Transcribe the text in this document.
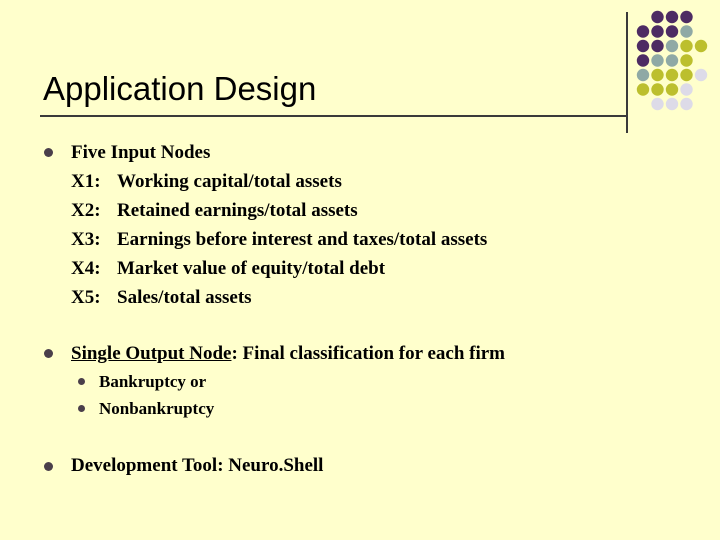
Application Design
Five Input Nodes
X1: Working capital/total assets
X2: Retained earnings/total assets
X3: Earnings before interest and taxes/total assets
X4: Market value of equity/total debt
X5: Sales/total assets
Single Output Node: Final classification for each firm
Bankruptcy or
Nonbankruptcy
Development Tool: Neuro.Shell
